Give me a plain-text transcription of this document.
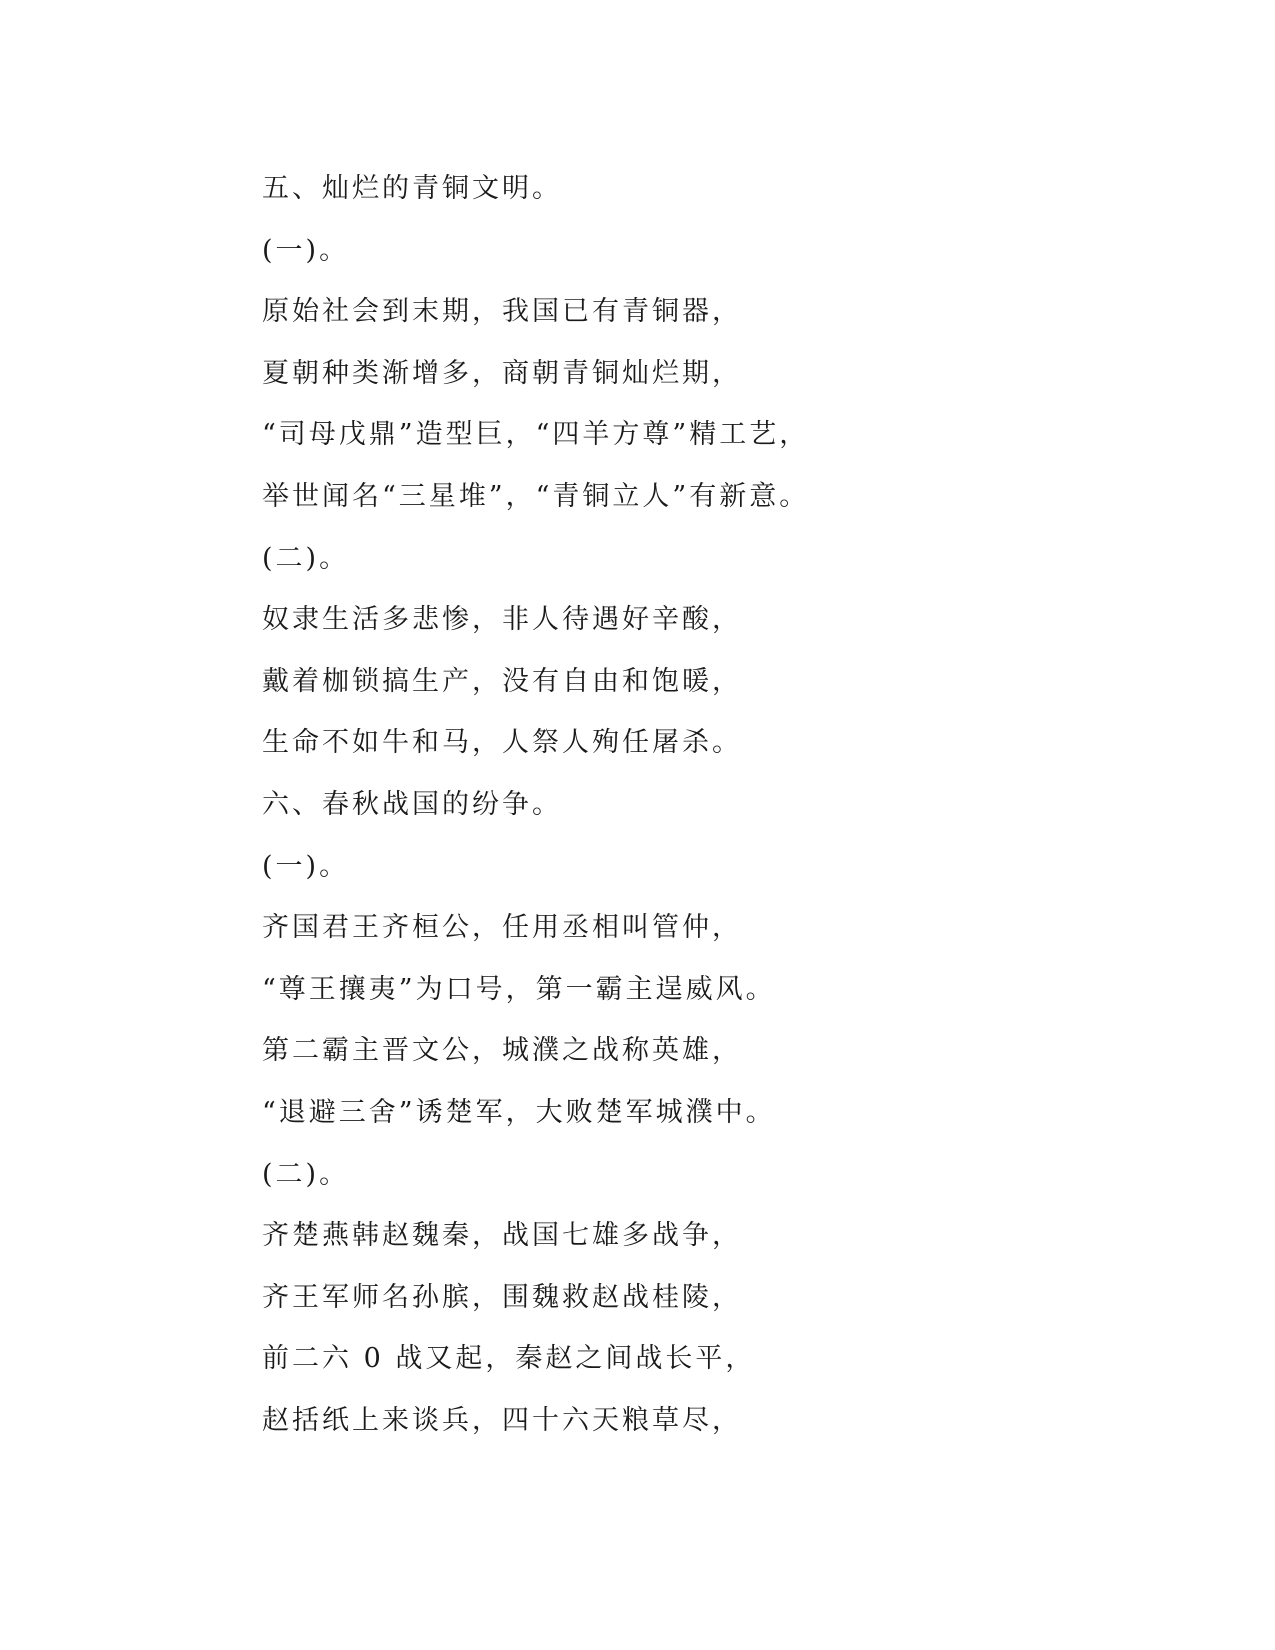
五、灿烂的青铜文明。
(一)。
原始社会到末期，我国已有青铜器，
夏朝种类渐增多，商朝青铜灿烂期，
“司母戊鼎”造型巨，“四羊方尊”精工艺，
举世闻名“三星堆”，“青铜立人”有新意。
(二)。
奴隶生活多悲惨，非人待遇好辛酸，
戴着枷锁搞生产，没有自由和饱暖，
生命不如牛和马，人祭人殉任屠杀。
六、春秋战国的纷争。
(一)。
齐国君王齐桓公，任用丞相叫管仲，
“尊王攘夷”为口号，第一霸主逞威风。
第二霸主晋文公，城濮之战称英雄，
“退避三舍”诱楚军，大败楚军城濮中。
(二)。
齐楚燕韩赵魏秦，战国七雄多战争，
齐王军师名孙膑，围魏救赵战桂陵，
前二六 0 战又起，秦赵之间战长平，
赵括纸上来谈兵，四十六天粮草尽，
